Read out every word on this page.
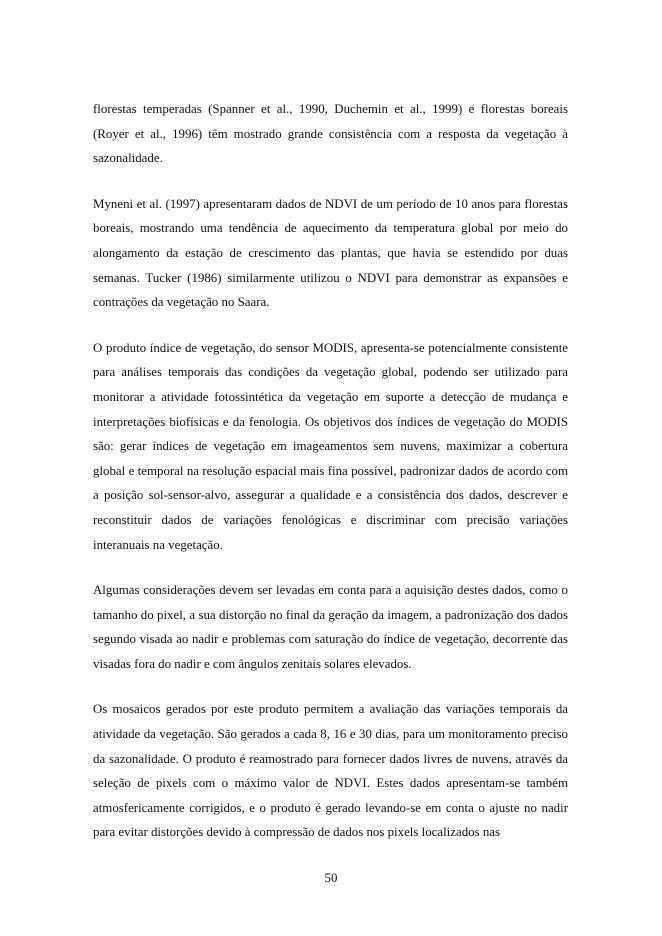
florestas temperadas (Spanner et al., 1990, Duchemin et al., 1999) e florestas boreais (Royer et al., 1996) têm mostrado grande consistência com a resposta da vegetação à sazonalidade.

Myneni et al. (1997) apresentaram dados de NDVI de um período de 10 anos para florestas boreais, mostrando uma tendência de aquecimento da temperatura global por meio do alongamento da estação de crescimento das plantas, que havia se estendido por duas semanas. Tucker (1986) similarmente utilizou o NDVI para demonstrar as expansões e contrações da vegetação no Saara.

O produto índice de vegetação, do sensor MODIS, apresenta-se potencialmente consistente para análises temporais das condições da vegetação global, podendo ser utilizado para monitorar a atividade fotossintética da vegetação em suporte a detecção de mudança e interpretações biofísicas e da fenologia. Os objetivos dos índices de vegetação do MODIS são: gerar índices de vegetação em imageamentos sem nuvens, maximizar a cobertura global e temporal na resolução espacial mais fina possível, padronizar dados de acordo com a posição sol-sensor-alvo, assegurar a qualidade e a consistência dos dados, descrever e reconstituir dados de variações fenológicas e discriminar com precisão variações interanuais na vegetação.

Algumas considerações devem ser levadas em conta para a aquisição destes dados, como o tamanho do pixel, a sua distorção no final da geração da imagem, a padronização dos dados segundo visada ao nadir e problemas com saturação do índice de vegetação, decorrente das visadas fora do nadir e com ângulos zenitais solares elevados.

Os mosaicos gerados por este produto permitem a avaliação das variações temporais da atividade da vegetação. São gerados a cada 8, 16 e 30 dias, para um monitoramento preciso da sazonalidade. O produto é reamostrado para fornecer dados livres de nuvens, através da seleção de pixels com o máximo valor de NDVI. Estes dados apresentam-se também atmosfericamente corrigidos, e o produto é gerado levando-se em conta o ajuste no nadir para evitar distorções devido à compressão de dados nos pixels localizados nas

50
